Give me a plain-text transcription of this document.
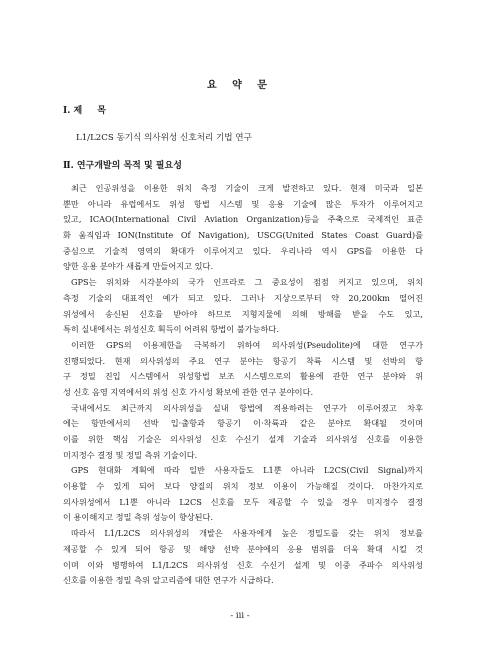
요 약 문
Ⅰ. 제 목
L1/L2CS 동기식 의사위성 신호처리 기법 연구
Ⅱ. 연구개발의 목적 및 필요성
최근 인공위성을 이용한 위치 측정 기술이 크게 발전하고 있다. 현재 미국과 일본
뿐만 아니라 유럽에서도 위성 항법 시스템 및 응용 기술에 많은 투자가 이루어지고
있고, ICAO(International Civil Aviation Organization)등을 주축으로 국제적인 표준
화 움직임과 ION(Institute Of Navigation), USCG(United States Coast Guard)를
중심으로 기술적 영역의 확대가 이루어지고 있다. 우리나라 역시 GPS를 이용한 다
양한 응용 분야가 새롭게 만들어지고 있다.
GPS는 위치와 시각분야의 국가 인프라로 그 중요성이 점점 커지고 있으며, 위치
측정 기술의 대표적인 예가 되고 있다. 그러나 지상으로부터 약 20,200km 떨어진
위성에서 송신된 신호를 받아야 하므로 지형지물에 의해 방해를 받을 수도 있고,
특히 실내에서는 위성신호 획득이 어려워 항법이 불가능하다.
이러한 GPS의 이용제한을 극복하기 위하여 의사위성(Pseudolite)에 대한 연구가
진행되었다. 현재 의사위성의 주요 연구 분야는 항공기 착륙 시스템 및 선박의 항
구 정밀 진입 시스템에서 위성항법 보조 시스템으로의 활용에 관한 연구 분야와 위
성 신호 음영 지역에서의 위성 신호 가시성 확보에 관한 연구 분야이다.
국내에서도 최근까지 의사위성을 실내 항법에 적용하려는 연구가 이루어졌고 차후
에는 항만에서의 선박 입·출항과 항공기 이·착륙과 같은 분야로 확대될 것이며
이를 위한 핵심 기술은 의사위성 신호 수신기 설계 기술과 의사위성 신호를 이용한
미지정수 결정 및 정밀 측위 기술이다.
GPS 현대화 계획에 따라 일반 사용자들도 L1뿐 아니라 L2CS(Civil Signal)까지
이용할 수 있게 되어 보다 양질의 위치 정보 이용이 가능해질 것이다. 마찬가지로
의사위성에서 L1뿐 아니라 L2CS 신호를 모두 제공할 수 있을 경우 미지정수 결정
이 용이해지고 정밀 측위 성능이 향상된다.
따라서 L1/L2CS 의사위성의 개발은 사용자에게 높은 정밀도를 갖는 위치 정보를
제공할 수 있게 되어 항공 및 해양 선박 분야에의 응용 범위를 더욱 확대 시킬 것
이며 이와 병행하여 L1/L2CS 의사위성 신호 수신기 설계 및 이중 주파수 의사위성
신호를 이용한 정밀 측위 알고리즘에 대한 연구가 시급하다.
- iii -
